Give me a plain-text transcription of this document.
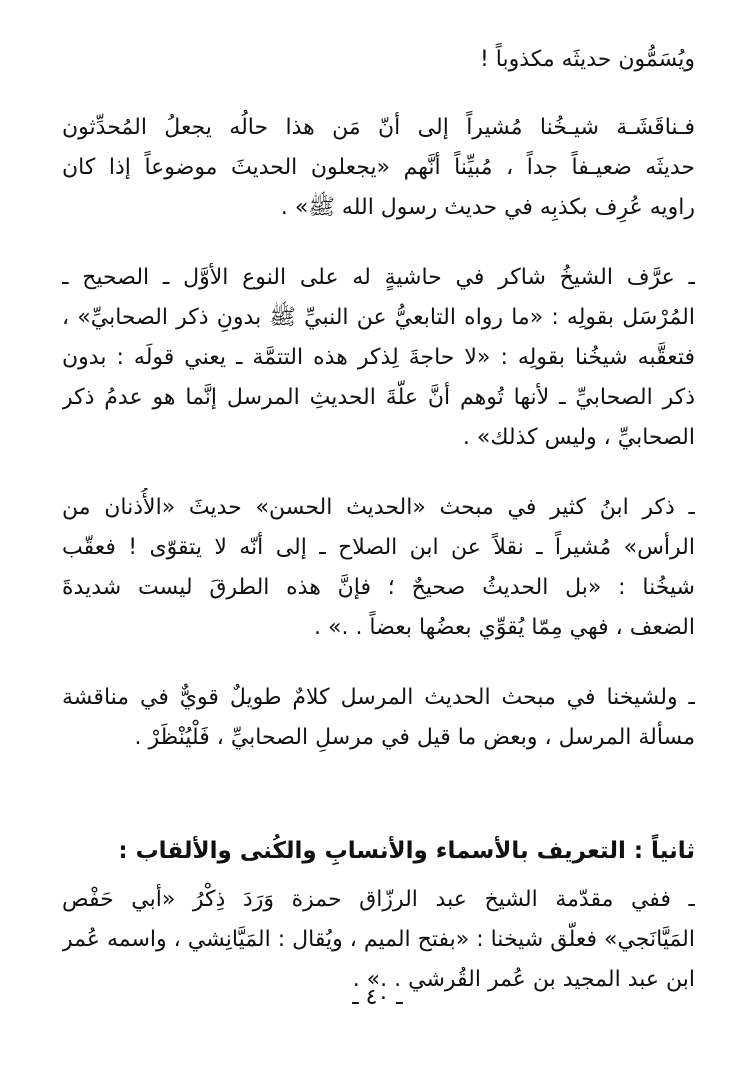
ويُسَمُّون حديثَه مكذوباً !
فـناقَشَـة شيـخُنا مُشيراً إلى أنّ مَن هذا حالُه يجعلُ المُحدِّثون
حديثَه ضعيـفاً جداً ، مُبيِّناً أنَّهم «يجعلون الحديثَ موضوعاً إذا كان
راويه عُرِف بكذبِه في حديث رسول الله ﷺ» .
ـ عرَّف الشيخُ شاكر في حاشيةٍ له على النوع الأوَّل ـ الصحيح ـ
المُرْسَل بقولِه : «ما رواه التابعيُّ عن النبيِّ ﷺ بدونِ ذكر الصحابيِّ» ،
فتعقَّبه شيخُنا بقولِه : «لا حاجةَ لِذكر هذه التتمَّة ـ يعني قولَه : بدون
ذكر الصحابيِّ ـ لأنها تُوهم أنَّ علّةَ الحديثِ المرسل إنَّما هو عدمُ ذكر
الصحابيِّ ، وليس كذلك» .
ـ ذكر ابنُ كثير في مبحث «الحديث الحسن» حديثَ «الأُذنان من
الرأس» مُشيراً ـ نقلاً عن ابن الصلاح ـ إلى أنّه لا يتقوّى ! فعقّب
شيخُنا : «بل الحديثُ صحيحٌ ؛ فإنَّ هذه الطرقَ ليست شديدةَ
الضعف ، فهي مِمّا يُقوِّي بعضُها بعضاً . .» .
ـ ولشيخنا في مبحث الحديث المرسل كلامٌ طويلٌ قويٌّ في مناقشة
مسألة المرسل ، وبعض ما قيل في مرسلِ الصحابيِّ ، فَلْيُنْظَرْ .
ثانياً : التعريف بالأسماء والأنسابِ والكُنى والألقاب :
ـ ففي مقدّمة الشيخ عبد الرزّاق حمزة وَرَدَ ذِكْرُ «أبي حَفْص
المَيَّانَجي» فعلّق شيخنا : «بفتح الميم ، ويُقال : المَيَّانِشي ، واسمه عُمر
ابن عبد المجيد بن عُمر القُرشي . .» .
ـ ٤٠ ـ
